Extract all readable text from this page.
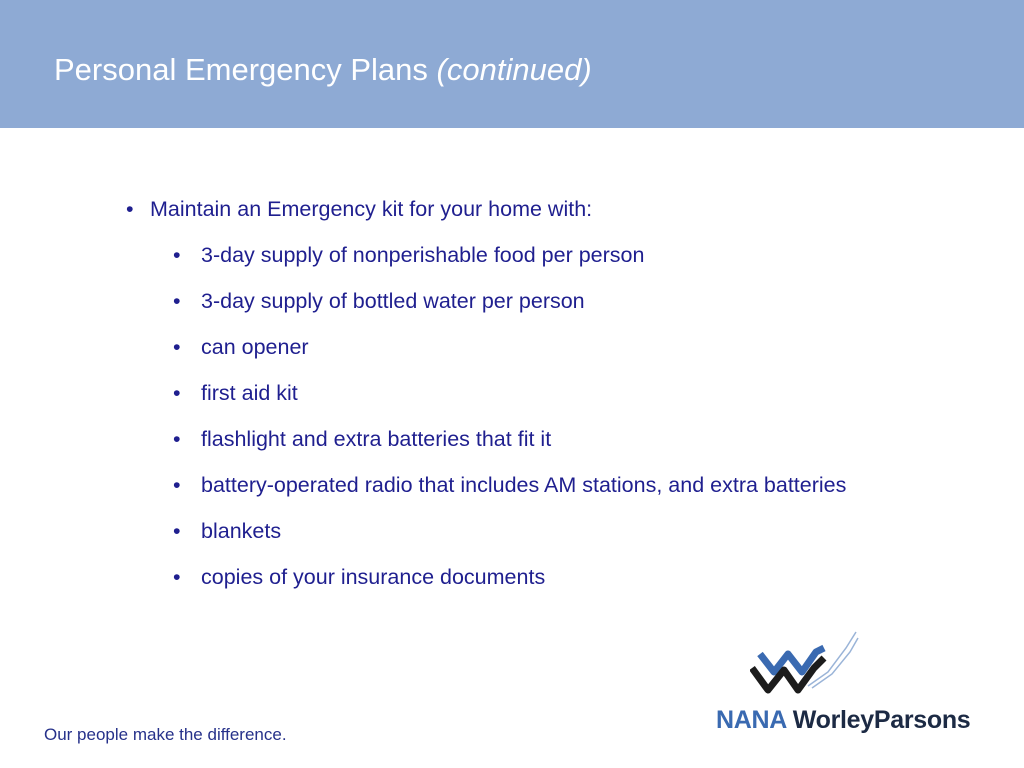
Personal Emergency Plans (continued)
• Maintain an Emergency kit for your home with:
• 3-day supply of nonperishable food per person
• 3-day supply of bottled water per person
• can opener
• first aid kit
• flashlight and extra batteries that fit it
• battery-operated radio that includes AM stations, and extra batteries
• blankets
• copies of your insurance documents
Our people make the difference.
NANA WorleyParsons
